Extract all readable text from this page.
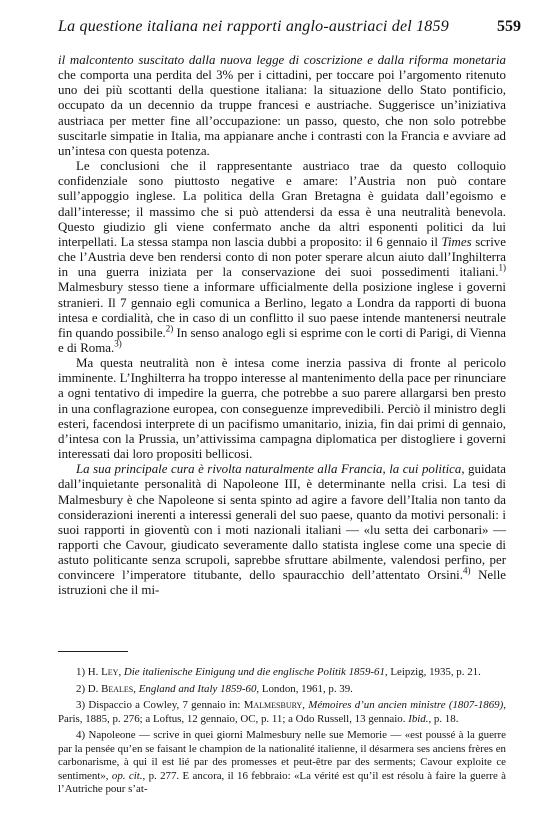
La questione italiana nei rapporti anglo-austriaci del 1859	559

il malcontento suscitato dalla nuova legge di coscrizione e dalla riforma monetaria che comporta una perdita del 3% per i cittadini, per toccare poi l’argomento ritenuto uno dei più scottanti della questione italiana: la situazione dello Stato pontificio, occupato da un decennio da truppe francesi e austriache. Suggerisce un’iniziativa austriaca per metter fine all’occupazione: un passo, questo, che non solo potrebbe suscitarle simpatie in Italia, ma appianare anche i contrasti con la Francia e avviare ad un’intesa con questa potenza.

Le conclusioni che il rappresentante austriaco trae da questo colloquio confidenziale sono piuttosto negative e amare: l’Austria non può contare sull’appoggio inglese. La politica della Gran Bretagna è guidata dall’egoismo e dall’interesse; il massimo che si può attendersi da essa è una neutralità benevola. Questo giudizio gli viene confermato anche da altri esponenti politici da lui interpellati. La stessa stampa non lascia dubbi a proposito: il 6 gennaio il Times scrive che l’Austria deve ben rendersi conto di non poter sperare alcun aiuto dall’Inghilterra in una guerra iniziata per la conservazione dei suoi possedimenti italiani.$^{1)}$ Malmesbury stesso tiene a informare ufficialmente della posizione inglese i governi stranieri. Il 7 gennaio egli comunica a Berlino, legato a Londra da rapporti di buona intesa e cordialità, che in caso di un conflitto il suo paese intende mantenersi neutrale fin quando possibile.$^{2)}$ In senso analogo egli si esprime con le corti di Parigi, di Vienna e di Roma.$^{3)}$

Ma questa neutralità non è intesa come inerzia passiva di fronte al pericolo imminente. L’Inghilterra ha troppo interesse al mantenimento della pace per rinunciare a ogni tentativo di impedire la guerra, che potrebbe a suo parere allargarsi ben presto in una conflagrazione europea, con conseguenze imprevedibili. Perciò il ministro degli esteri, facendosi interprete di un pacifismo umanitario, inizia, fin dai primi di gennaio, d’intesa con la Prussia, un’attivissima campagna diplomatica per distogliere i governi interessati dai loro propositi bellicosi.

La sua principale cura è rivolta naturalmente alla Francia, la cui politica, guidata dall’inquietante personalità di Napoleone III, è determinante nella crisi. La tesi di Malmesbury è che Napoleone si senta spinto ad agire a favore dell’Italia non tanto da considerazioni inerenti a interessi generali del suo paese, quanto da motivi personali: i suoi rapporti in gioventù con i moti nazionali italiani — «lu setta dei carbonari» — rapporti che Cavour, giudicato severamente dallo statista inglese come una specie di astuto politicante senza scrupoli, saprebbe sfruttare abilmente, valendosi perfino, per convincere l’imperatore titubante, dello spauracchio dell’attentato Orsini.$^{4)}$ Nelle istruzioni che il mi-

1) H. Ley, Die italienische Einigung und die englische Politik 1859-61, Leipzig, 1935, p. 21.

2) D. Beales, England and Italy 1859-60, London, 1961, p. 39.

3) Dispaccio a Cowley, 7 gennaio in: Malmesbury, Mémoires d’un ancien ministre (1807-1869), Paris, 1885, p. 276; a Loftus, 12 gennaio, OC, p. 11; a Odo Russell, 13 gennaio. Ibid., p. 18.

4) Napoleone — scrive in quei giorni Malmesbury nelle sue Memorie — «est poussé à la guerre par la pensée qu’en se faisant le champion de la nationalité italienne, il désarmera ses anciens frères en carbonarisme, à qui il est lié par des promesses et peut-être par des serments; Cavour exploite ce sentiment», op. cit., p. 277. E ancora, il 16 febbraio: «La vérité est qu’il est résolu à faire la guerre à l’Autriche pour s’at-
